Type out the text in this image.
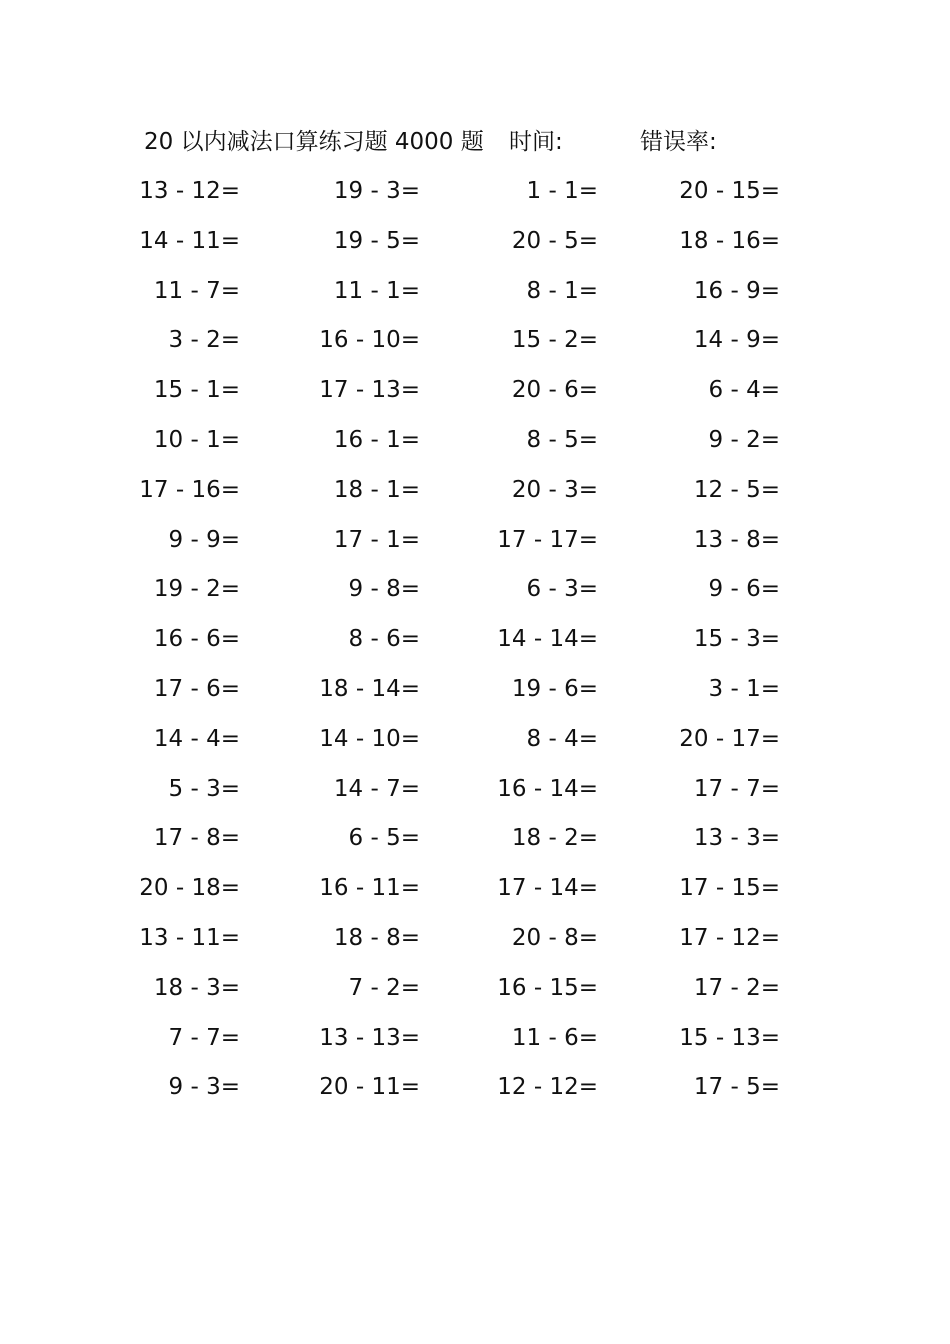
20 以内减法口算练习题 4000 题 时间:	错误率:
13 - 12=	19 - 3=	1 - 1=	20 - 15=
14 - 11=	19 - 5=	20 - 5=	18 - 16=
11 - 7=	11 - 1=	8 - 1=	16 - 9=
3 - 2=	16 - 10=	15 - 2=	14 - 9=
15 - 1=	17 - 13=	20 - 6=	6 - 4=
10 - 1=	16 - 1=	8 - 5=	9 - 2=
17 - 16=	18 - 1=	20 - 3=	12 - 5=
9 - 9=	17 - 1=	17 - 17=	13 - 8=
19 - 2=	9 - 8=	6 - 3=	9 - 6=
16 - 6=	8 - 6=	14 - 14=	15 - 3=
17 - 6=	18 - 14=	19 - 6=	3 - 1=
14 - 4=	14 - 10=	8 - 4=	20 - 17=
5 - 3=	14 - 7=	16 - 14=	17 - 7=
17 - 8=	6 - 5=	18 - 2=	13 - 3=
20 - 18=	16 - 11=	17 - 14=	17 - 15=
13 - 11=	18 - 8=	20 - 8=	17 - 12=
18 - 3=	7 - 2=	16 - 15=	17 - 2=
7 - 7=	13 - 13=	11 - 6=	15 - 13=
9 - 3=	20 - 11=	12 - 12=	17 - 5=
